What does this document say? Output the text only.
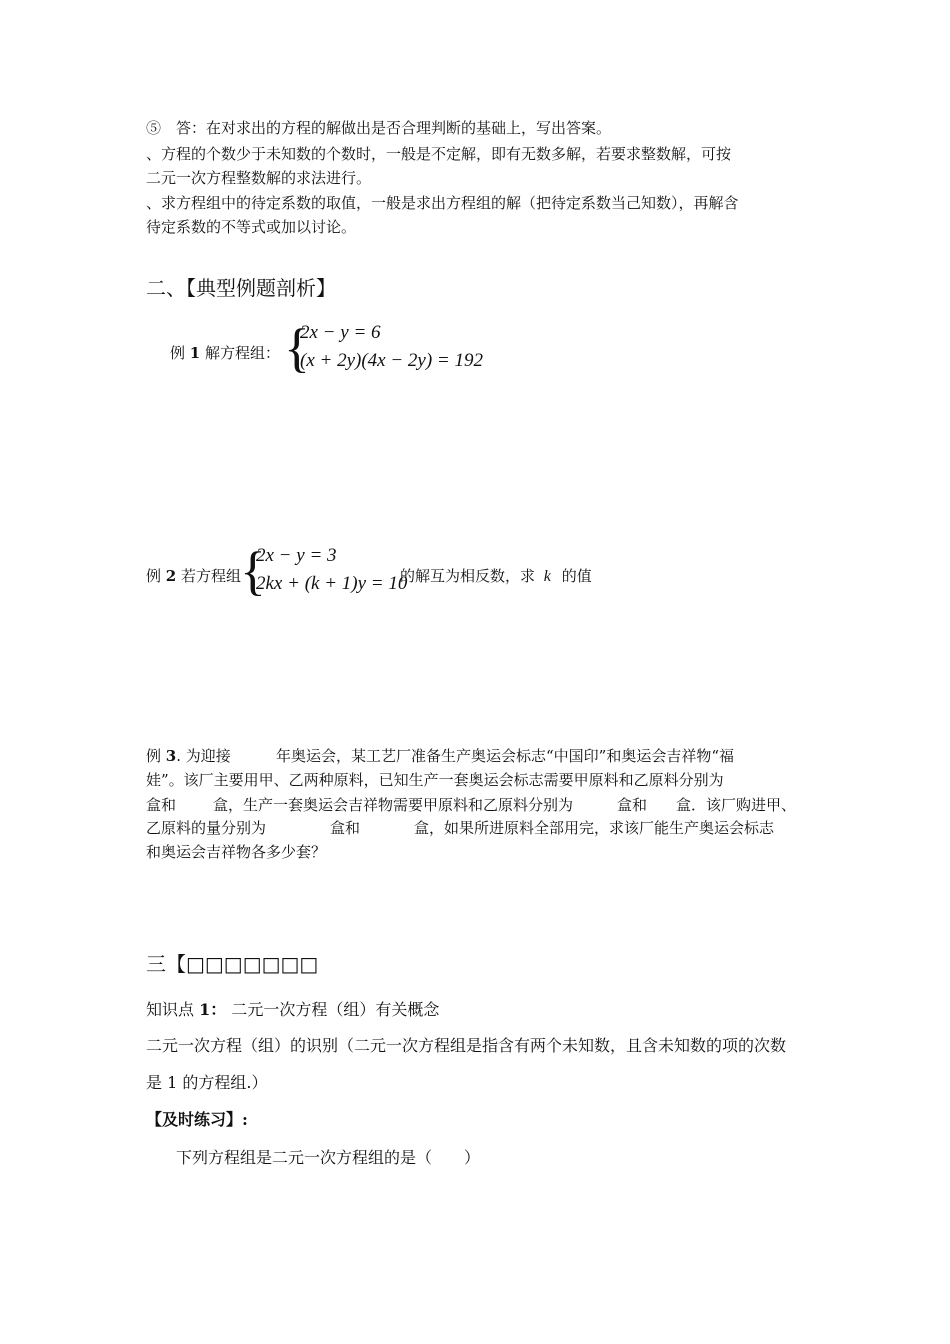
⑤　答：在对求出的方程的解做出是否合理判断的基础上，写出答案。
、方程的个数少于未知数的个数时，一般是不定解，即有无数多解，若要求整数解，可按
二元一次方程整数解的求法进行。
、求方程组中的待定系数的取值，一般是求出方程组的解（把待定系数当己知数），再解含
待定系数的不等式或加以讨论。
二、【典型例题剖析】
例 1 解方程组： {
2x − y = 6
(x + 2y)(4x − 2y) = 192
例 2 若方程组
{
2x − y = 3
2kx + (k + 1)y = 10
的解互为相反数，求 k 的值
例 3. 为迎接	年奥运会，某工艺厂准备生产奥运会标志“中国印”和奥运会吉祥物“福
娃”。该厂主要用甲、乙两种原料，已知生产一套奥运会标志需要甲原料和乙原料分别为
盒和 盒，生产一套奥运会吉祥物需要甲原料和乙原料分别为	盒和 盒．该厂购进甲、
乙原料的量分别为	盒和	盒，如果所进原料全部用完，求该厂能生产奥运会标志
和奥运会吉祥物各多少套？
三【□□□□□□□
知识点 1： 二元一次方程（组）有关概念
二元一次方程（组）的识别（二元一次方程组是指含有两个未知数，且含未知数的项的次数
是 1 的方程组.）
【及时练习】:
下列方程组是二元一次方程组的是（　　）
